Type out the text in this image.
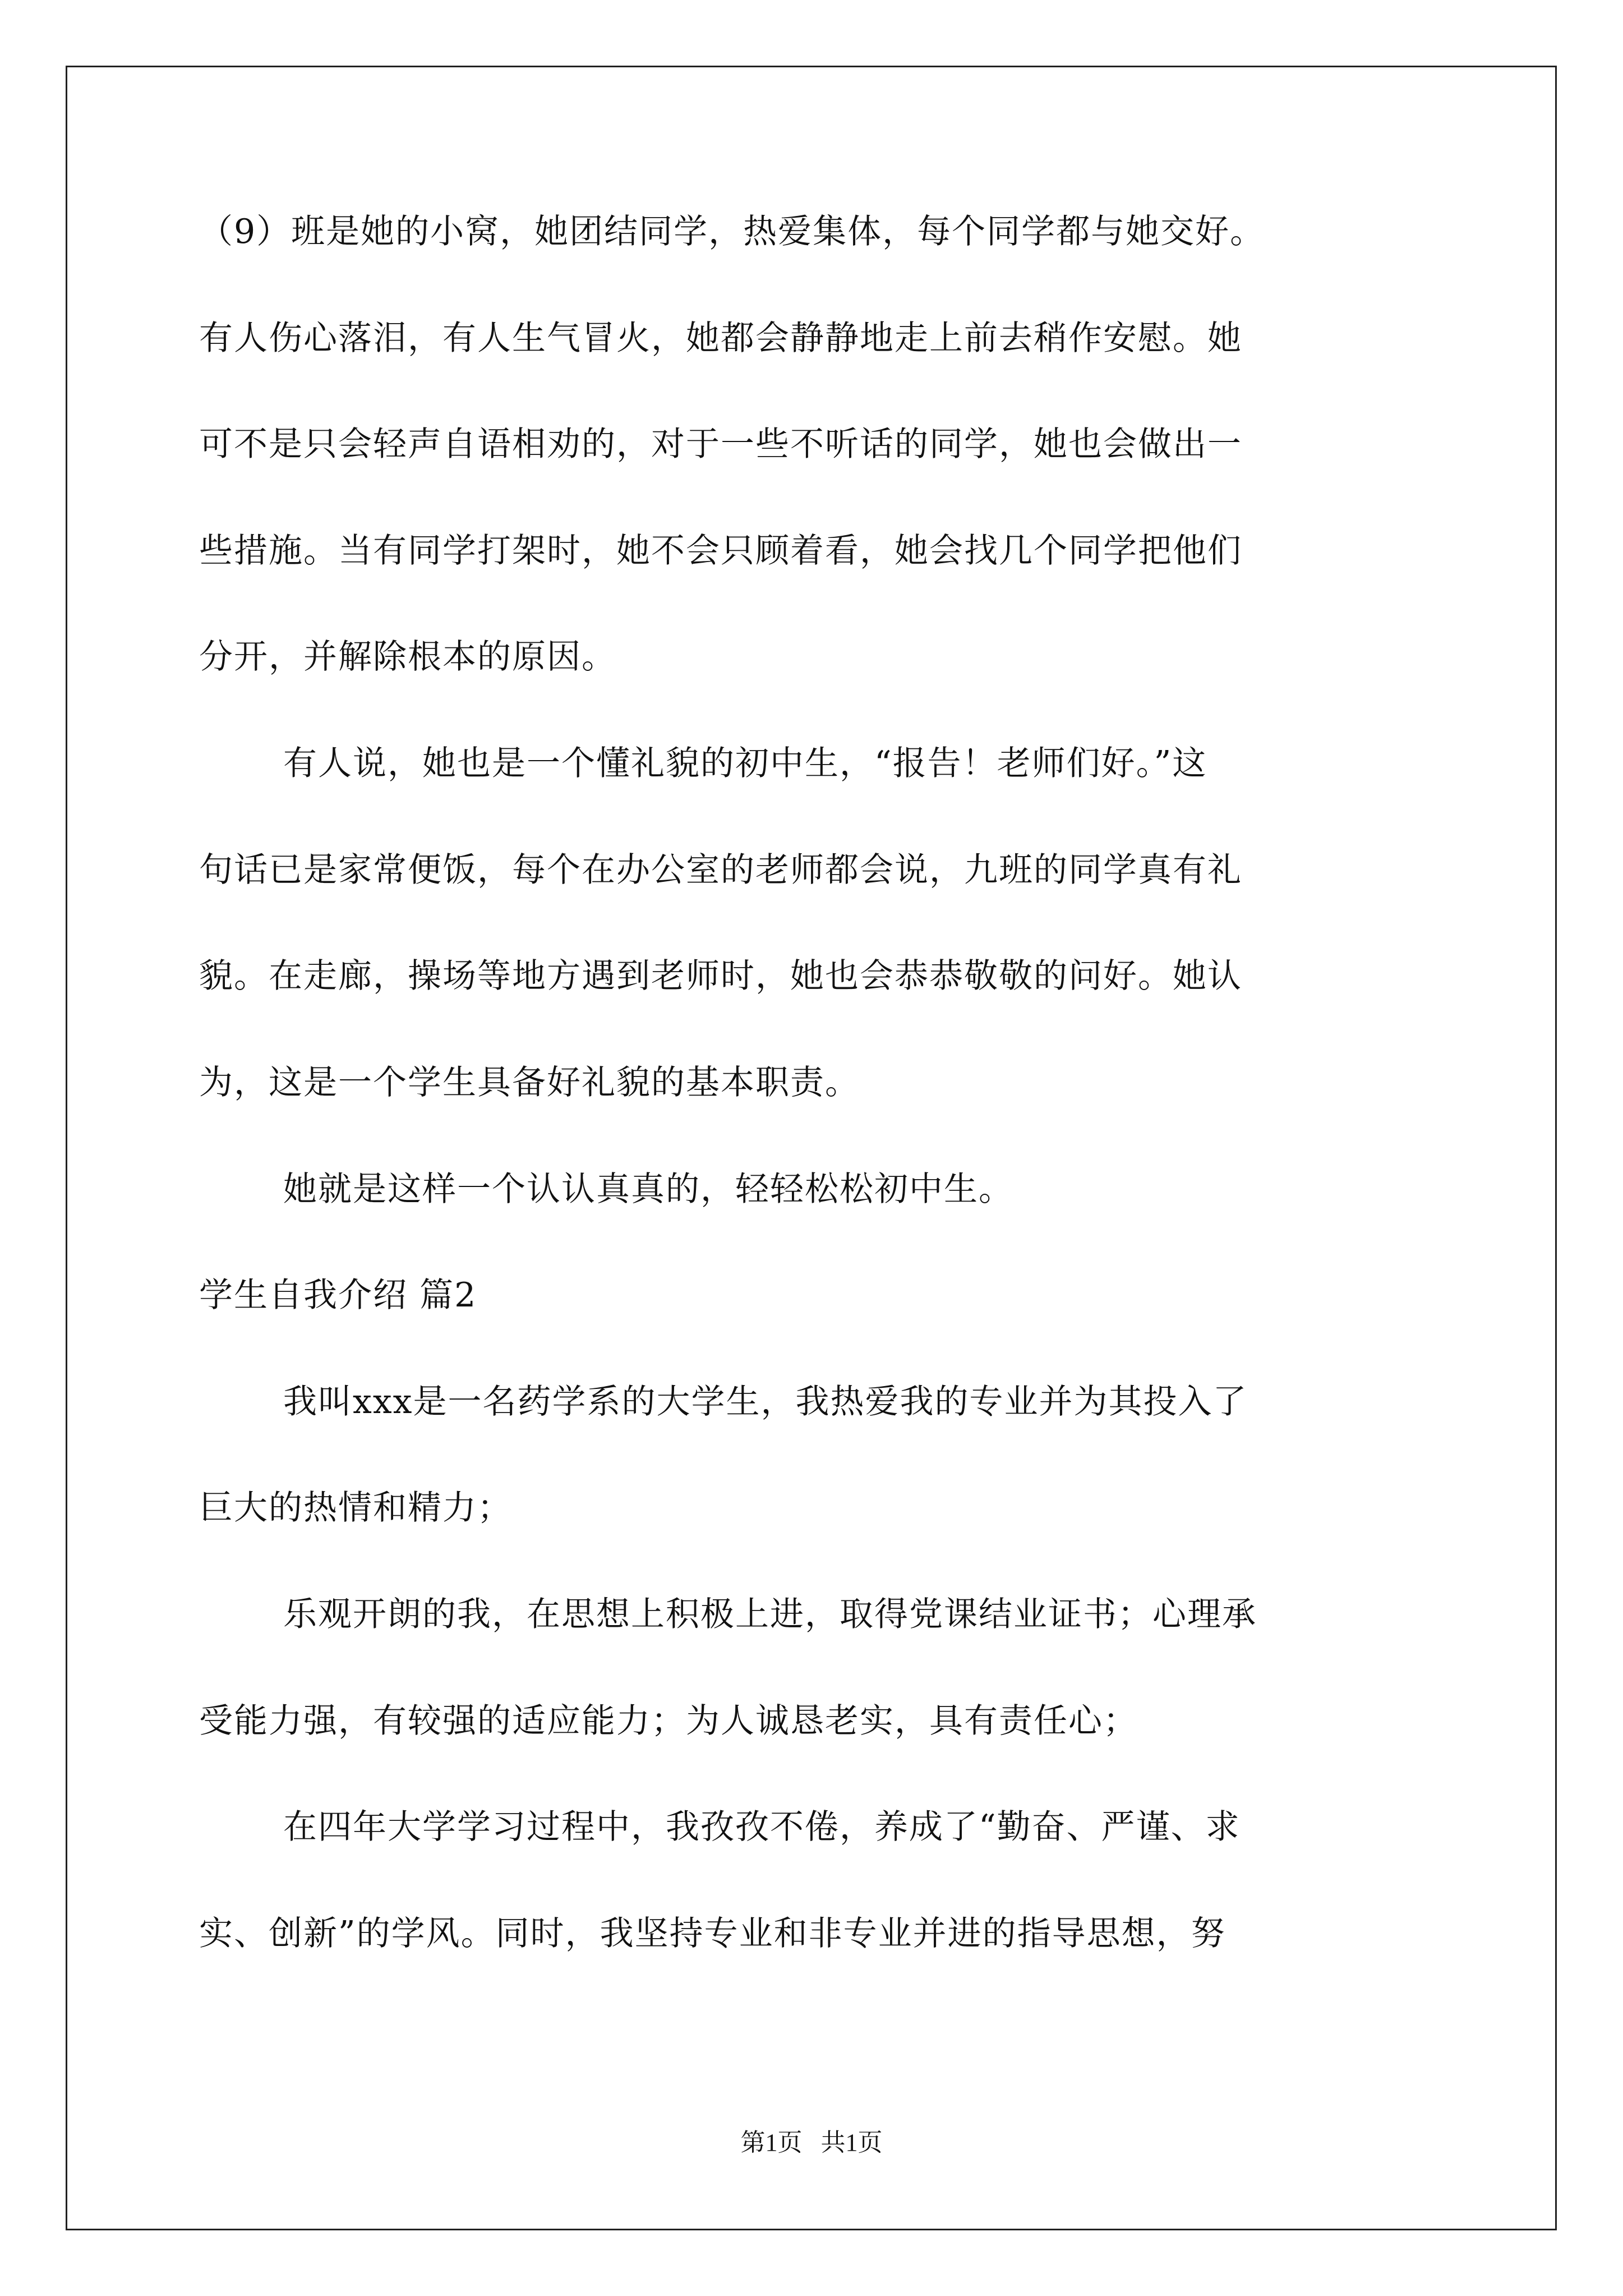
（9）班是她的小窝，她团结同学，热爱集体，每个同学都与她交好。
有人伤心落泪，有人生气冒火，她都会静静地走上前去稍作安慰。她
可不是只会轻声自语相劝的，对于一些不听话的同学，她也会做出一
些措施。当有同学打架时，她不会只顾着看，她会找几个同学把他们
分开，并解除根本的原因。
有人说，她也是一个懂礼貌的初中生，“报告！老师们好。”这
句话已是家常便饭，每个在办公室的老师都会说，九班的同学真有礼
貌。在走廊，操场等地方遇到老师时，她也会恭恭敬敬的问好。她认
为，这是一个学生具备好礼貌的基本职责。
她就是这样一个认认真真的，轻轻松松初中生。
学生自我介绍 篇2
我叫xxx是一名药学系的大学生，我热爱我的专业并为其投入了
巨大的热情和精力；
乐观开朗的我，在思想上积极上进，取得党课结业证书；心理承
受能力强，有较强的适应能力；为人诚恳老实，具有责任心；
在四年大学学习过程中，我孜孜不倦，养成了“勤奋、严谨、求
实、创新”的学风。同时，我坚持专业和非专业并进的指导思想，努
第1页   共1页
